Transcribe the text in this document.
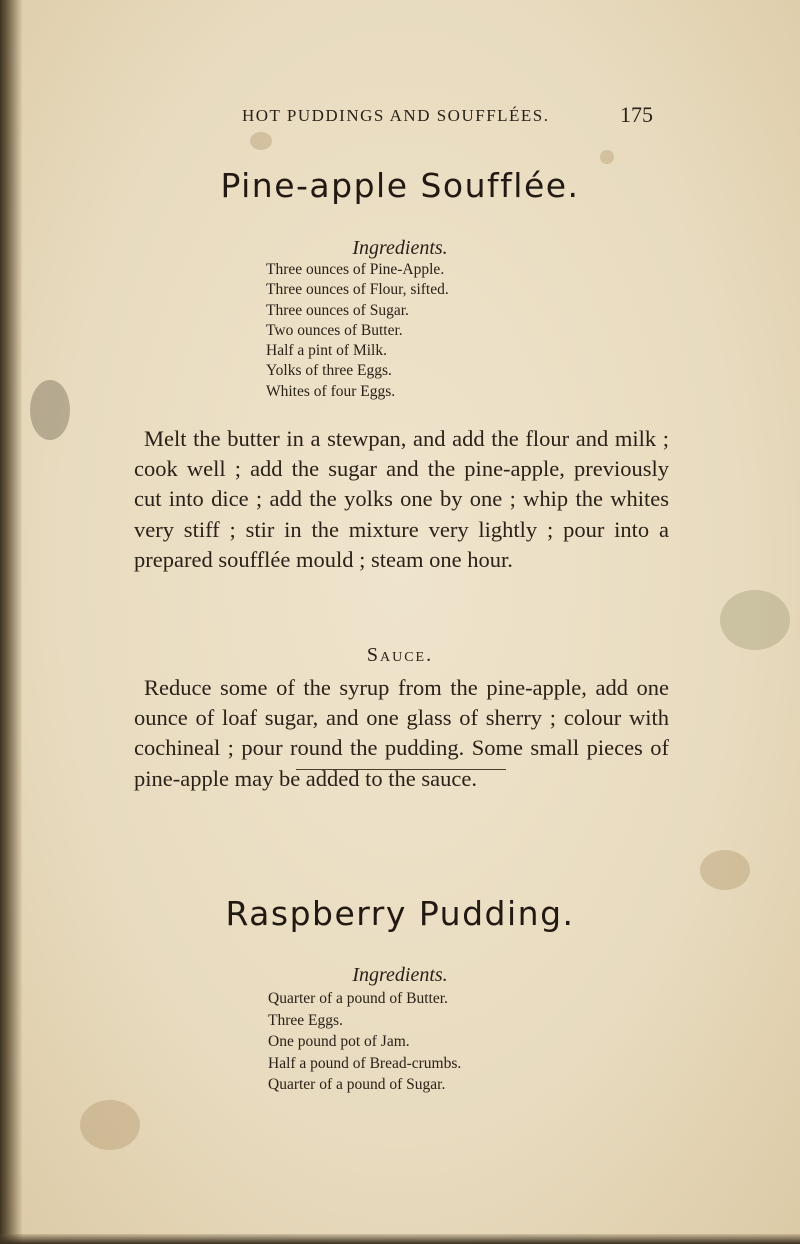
HOT PUDDINGS AND SOUFFLÉES.	175
Pine-apple Soufflée.
Ingredients.
Three ounces of Pine-Apple.
Three ounces of Flour, sifted.
Three ounces of Sugar.
Two ounces of Butter.
Half a pint of Milk.
Yolks of three Eggs.
Whites of four Eggs.

Melt the butter in a stewpan, and add the flour and milk ; cook well ; add the sugar and the pine-apple, previously cut into dice ; add the yolks one by one ; whip the whites very stiff ; stir in the mixture very lightly ; pour into a prepared soufflée mould ; steam one hour.

Sauce.

Reduce some of the syrup from the pine-apple, add one ounce of loaf sugar, and one glass of sherry ; colour with cochineal ; pour round the pudding. Some small pieces of pine-apple may be added to the sauce.

Raspberry Pudding.
Ingredients.
Quarter of a pound of Butter.
Three Eggs.
One pound pot of Jam.
Half a pound of Bread-crumbs.
Quarter of a pound of Sugar.
